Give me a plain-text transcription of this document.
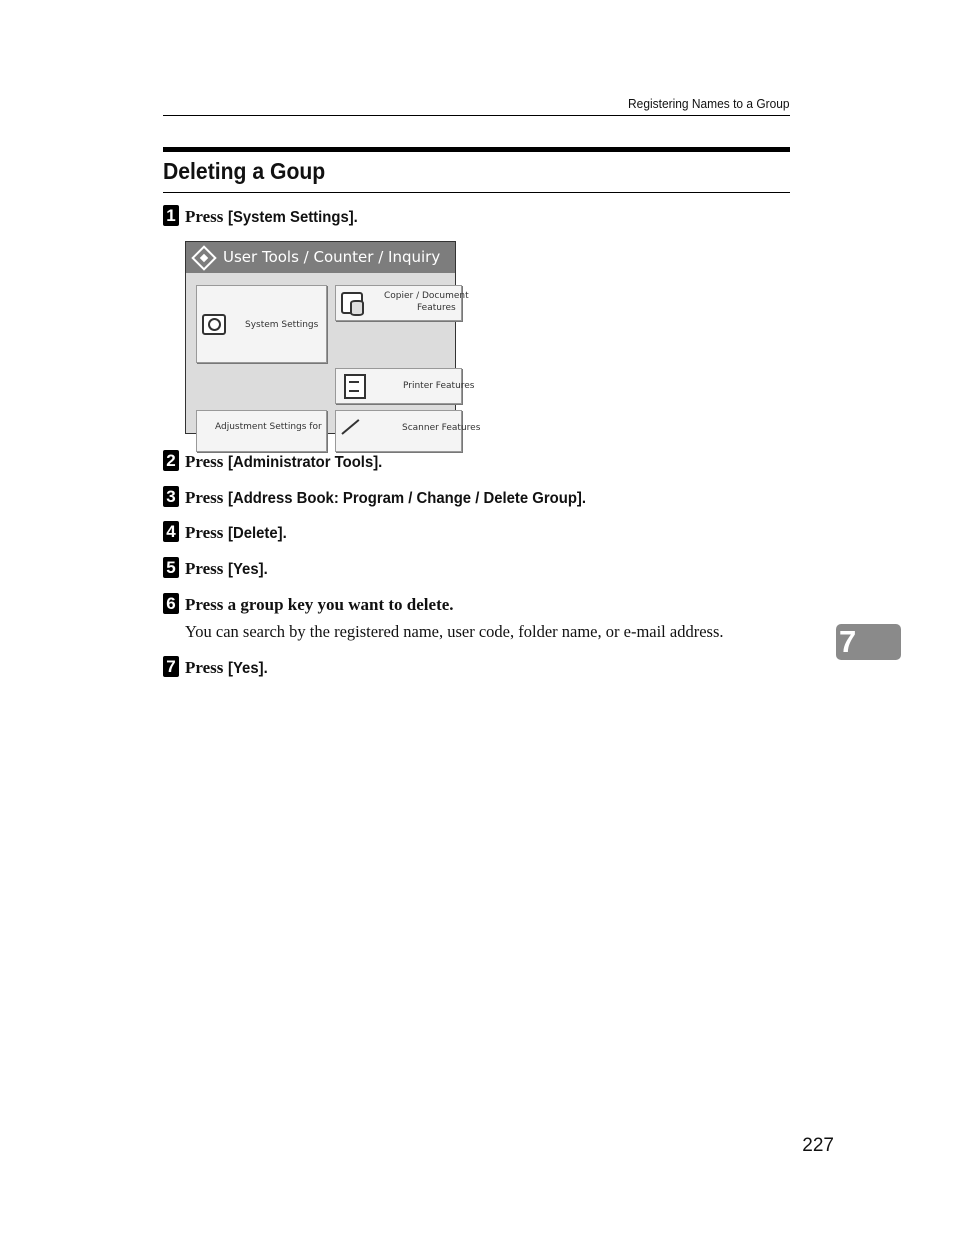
Registering Names to a Group
Deleting a Goup
1 Press [System Settings].
User Tools / Counter / Inquiry
System Settings
Copier / Document
Features
Printer Features
Adjustment Settings for	Scanner Features
2 Press [Administrator Tools].
3 Press [Address Book: Program / Change / Delete Group].
4 Press [Delete].
5 Press [Yes].
6 Press a group key you want to delete.
You can search by the registered name, user code, folder name, or e-mail address.
7 Press [Yes].
7
227
